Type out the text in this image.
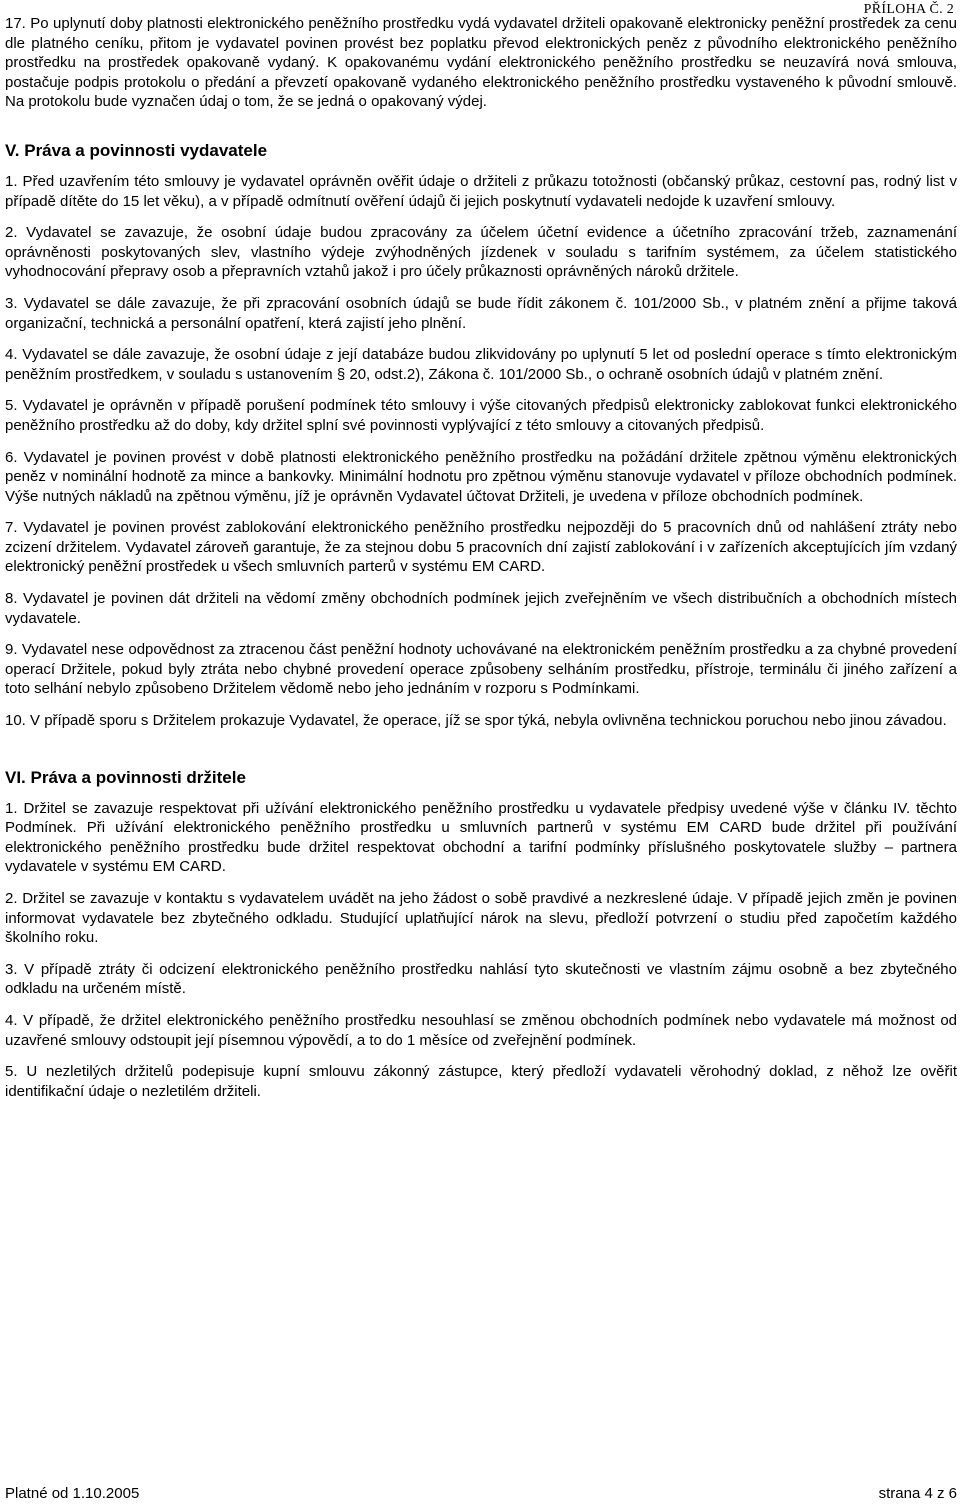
PŘÍLOHA Č. 2

17. Po uplynutí doby platnosti elektronického peněžního prostředku vydá vydavatel držiteli opakovaně elektronicky peněžní prostředek za cenu dle platného ceníku, přitom je vydavatel povinen provést bez poplatku převod elektronických peněz z původního elektronického peněžního prostředku na prostředek opakovaně vydaný. K opakovanému vydání elektronického peněžního prostředku se neuzavírá nová smlouva, postačuje podpis protokolu o předání a převzetí opakovaně vydaného elektronického peněžního prostředku vystaveného k původní smlouvě. Na protokolu bude vyznačen údaj o tom, že se jedná o opakovaný výdej.

V. Práva a povinnosti vydavatele

1. Před uzavřením této smlouvy je vydavatel oprávněn ověřit údaje o držiteli z průkazu totožnosti (občanský průkaz, cestovní pas, rodný list v případě dítěte do 15 let věku), a v případě odmítnutí ověření údajů či jejich poskytnutí vydavateli nedojde k uzavření smlouvy.

2. Vydavatel se zavazuje, že osobní údaje budou zpracovány za účelem účetní evidence a účetního zpracování tržeb, zaznamenání oprávněnosti poskytovaných slev, vlastního výdeje zvýhodněných jízdenek v souladu s tarifním systémem, za účelem statistického vyhodnocování přepravy osob a přepravních vztahů jakož i pro účely průkaznosti oprávněných nároků držitele.

3. Vydavatel se dále zavazuje, že při zpracování osobních údajů se bude řídit zákonem č. 101/2000 Sb., v platném znění a přijme taková organizační, technická a personální opatření, která zajistí jeho plnění.

4. Vydavatel se dále zavazuje, že osobní údaje z její databáze budou zlikvidovány po uplynutí 5 let od poslední operace s tímto elektronickým peněžním prostředkem, v souladu s ustanovením § 20, odst.2), Zákona č. 101/2000 Sb., o ochraně osobních údajů v platném znění.

5. Vydavatel je oprávněn v případě porušení podmínek této smlouvy i výše citovaných předpisů elektronicky zablokovat funkci elektronického peněžního prostředku až do doby, kdy držitel splní své povinnosti vyplývající z této smlouvy a citovaných předpisů.

6. Vydavatel je povinen provést v době platnosti elektronického peněžního prostředku na požádání držitele zpětnou výměnu elektronických peněz v nominální hodnotě za mince a bankovky. Minimální hodnotu pro zpětnou výměnu stanovuje vydavatel v příloze obchodních podmínek. Výše nutných nákladů na zpětnou výměnu, jíž je oprávněn Vydavatel účtovat Držiteli, je uvedena v příloze obchodních podmínek.

7. Vydavatel je povinen provést zablokování elektronického peněžního prostředku nejpozději do 5 pracovních dnů od nahlášení ztráty nebo zcizení držitelem. Vydavatel zároveň garantuje, že za stejnou dobu 5 pracovních dní zajistí zablokování i v zařízeních akceptujících jím vzdaný elektronický peněžní prostředek u všech smluvních parterů v systému EM CARD.

8. Vydavatel je povinen dát držiteli na vědomí změny obchodních podmínek jejich zveřejněním ve všech distribučních a obchodních místech vydavatele.

9. Vydavatel nese odpovědnost za ztracenou část peněžní hodnoty uchovávané na elektronickém peněžním prostředku a za chybné provedení operací Držitele, pokud byly ztráta nebo chybné provedení operace způsobeny selháním prostředku, přístroje, terminálu či jiného zařízení a toto selhání nebylo způsobeno Držitelem vědomě nebo jeho jednáním v rozporu s Podmínkami.

10. V případě sporu s Držitelem prokazuje Vydavatel, že operace, jíž se spor týká, nebyla ovlivněna technickou poruchou nebo jinou závadou.

VI. Práva a povinnosti držitele

1. Držitel se zavazuje respektovat při užívání elektronického peněžního prostředku u vydavatele předpisy uvedené výše v článku IV. těchto Podmínek. Při užívání elektronického peněžního prostředku u smluvních partnerů v systému EM CARD bude držitel při používání elektronického peněžního prostředku bude držitel respektovat obchodní a tarifní podmínky příslušného poskytovatele služby – partnera vydavatele v systému EM CARD.

2. Držitel se zavazuje v kontaktu s vydavatelem uvádět na jeho žádost o sobě pravdivé a nezkreslené údaje. V případě jejich změn je povinen informovat vydavatele bez zbytečného odkladu. Studující uplatňující nárok na slevu, předloží potvrzení o studiu před započetím každého školního roku.

3. V případě ztráty či odcizení elektronického peněžního prostředku nahlásí tyto skutečnosti ve vlastním zájmu osobně a bez zbytečného odkladu na určeném místě.

4. V případě, že držitel elektronického peněžního prostředku nesouhlasí se změnou obchodních podmínek nebo vydavatele má možnost od uzavřené smlouvy odstoupit její písemnou výpovědí, a to do 1 měsíce od zveřejnění podmínek.

5. U nezletilých držitelů podepisuje kupní smlouvu zákonný zástupce, který předloží vydavateli věrohodný doklad, z něhož lze ověřit identifikační údaje o nezletilém držiteli.

Platné od 1.10.2005	strana 4 z 6
